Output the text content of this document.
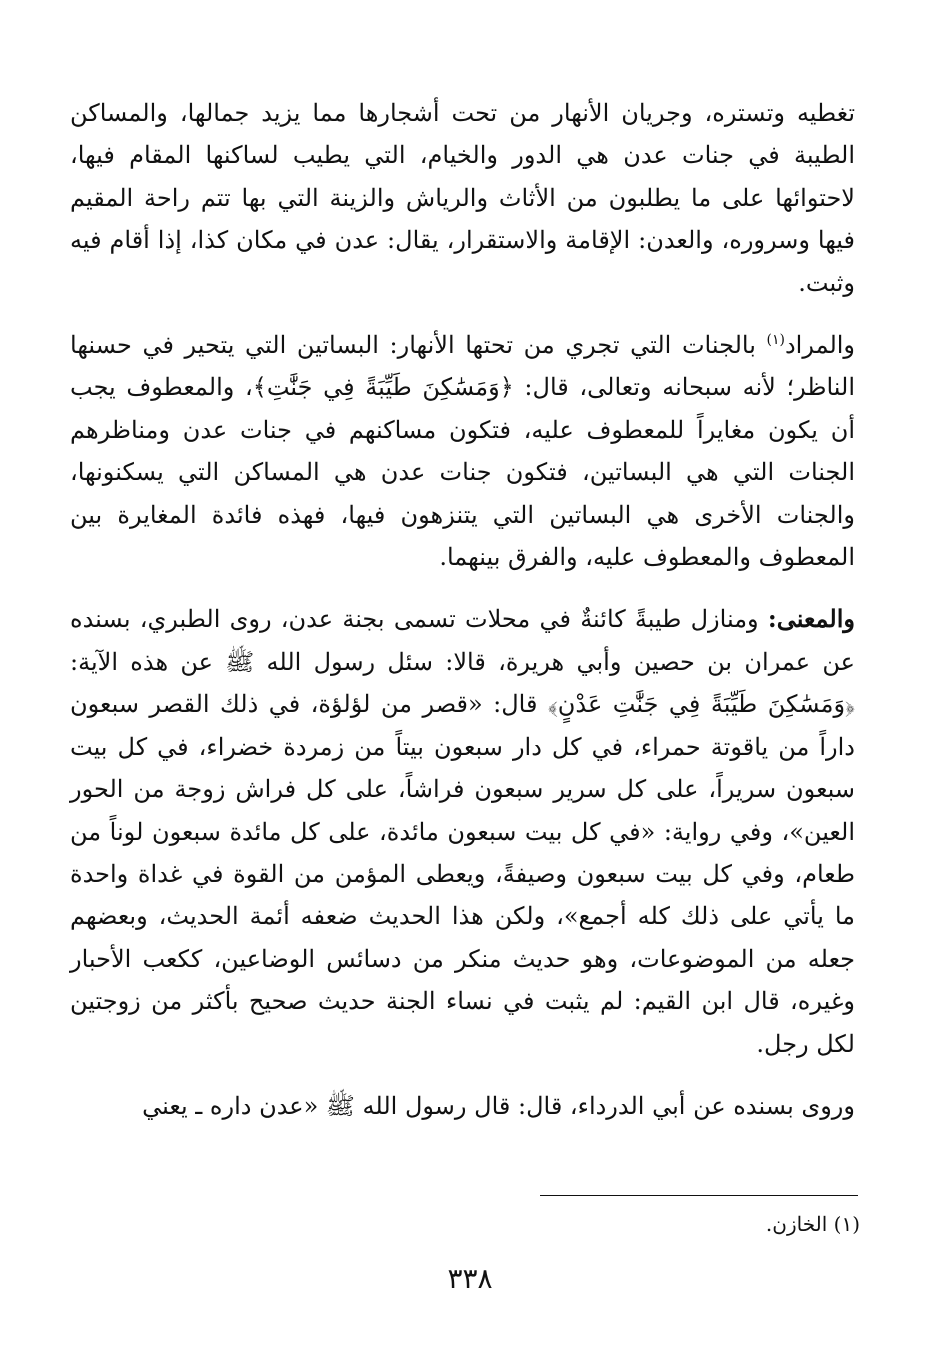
تغطيه وتستره، وجريان الأنهار من تحت أشجارها مما يزيد جمالها، والمساكن الطيبة في جنات عدن هي الدور والخيام، التي يطيب لساكنها المقام فيها، لاحتوائها على ما يطلبون من الأثاث والرياش والزينة التي بها تتم راحة المقيم فيها وسروره، والعدن: الإقامة والاستقرار، يقال: عدن في مكان كذا، إذا أقام فيه وثبت.

والمراد$^{(١)}$ بالجنات التي تجري من تحتها الأنهار: البساتين التي يتحير في حسنها الناظر؛ لأنه سبحانه وتعالى، قال: ﴿وَمَسَٰكِنَ طَيِّبَةً فِي جَنَّٰتِ﴾، والمعطوف يجب أن يكون مغايراً للمعطوف عليه، فتكون مساكنهم في جنات عدن ومناظرهم الجنات التي هي البساتين، فتكون جنات عدن هي المساكن التي يسكنونها، والجنات الأخرى هي البساتين التي يتنزهون فيها، فهذه فائدة المغايرة بين المعطوف والمعطوف عليه، والفرق بينهما.

والمعنى: ومنازل طيبةً كائنةٌ في محلات تسمى بجنة عدن، روى الطبري، بسنده عن عمران بن حصين وأبي هريرة، قالا: سئل رسول الله ﷺ عن هذه الآية: ﴿وَمَسَٰكِنَ طَيِّبَةً فِي جَنَّٰتِ عَدْنٍ﴾ قال: «قصر من لؤلؤة، في ذلك القصر سبعون داراً من ياقوتة حمراء، في كل دار سبعون بيتاً من زمردة خضراء، في كل بيت سبعون سريراً، على كل سرير سبعون فراشاً، على كل فراش زوجة من الحور العين»، وفي رواية: «في كل بيت سبعون مائدة، على كل مائدة سبعون لوناً من طعام، وفي كل بيت سبعون وصيفةً، ويعطى المؤمن من القوة في غداة واحدة ما يأتي على ذلك كله أجمع»، ولكن هذا الحديث ضعفه أئمة الحديث، وبعضهم جعله من الموضوعات، وهو حديث منكر من دسائس الوضاعين، ككعب الأحبار وغيره، قال ابن القيم: لم يثبت في نساء الجنة حديث صحيح بأكثر من زوجتين لكل رجل.

وروى بسنده عن أبي الدرداء، قال: قال رسول الله ﷺ «عدن داره ـ يعني

(١) الخازن.
٣٣٨
